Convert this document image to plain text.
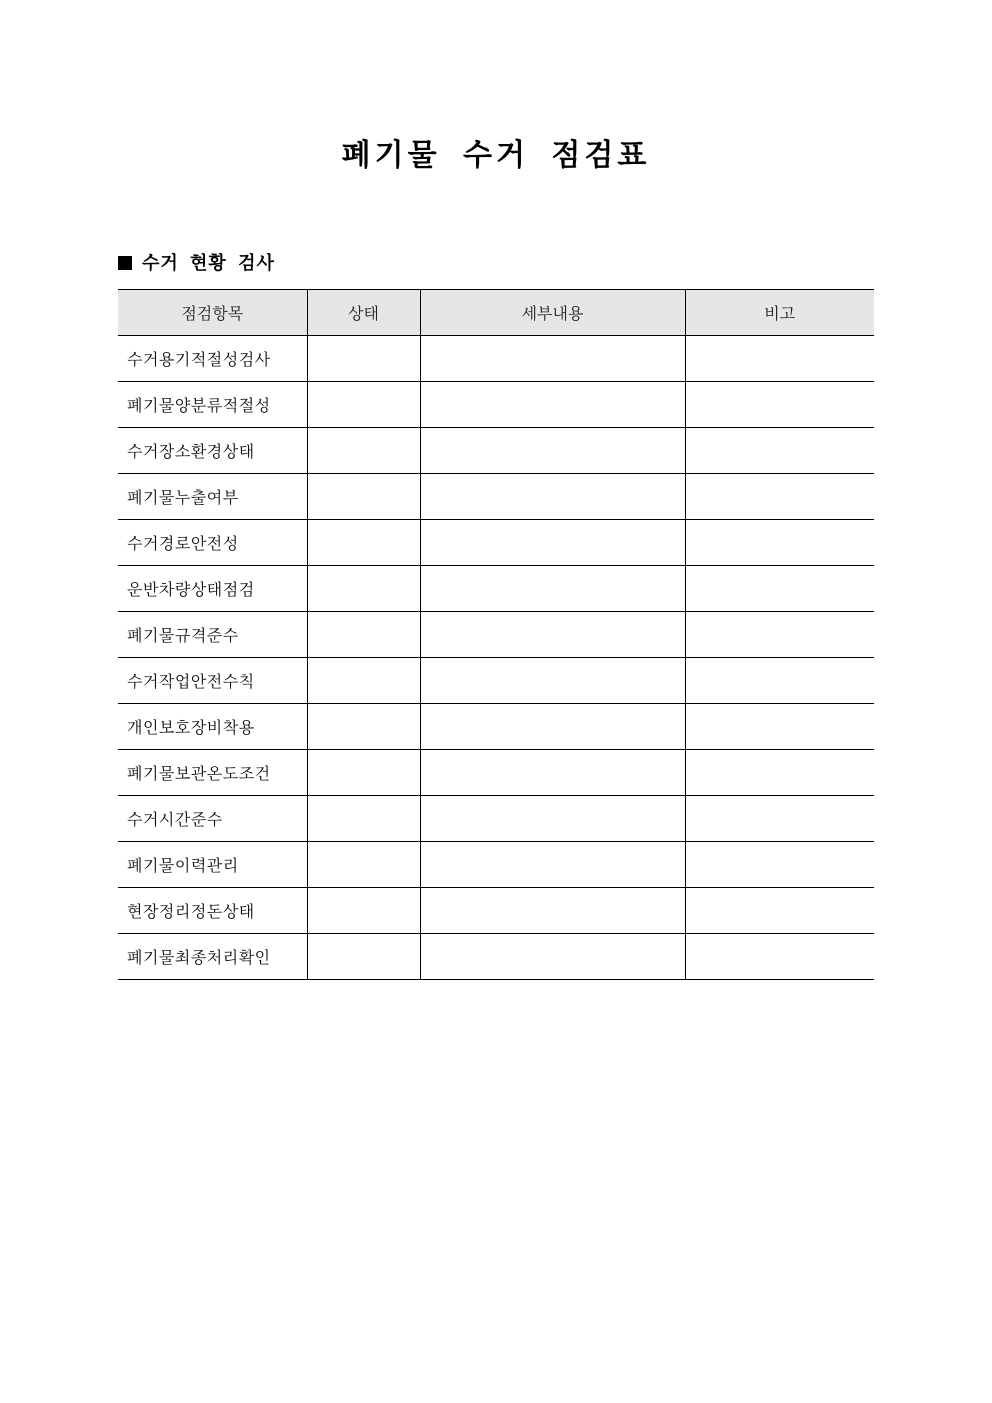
폐기물 수거 점검표
수거 현황 검사
점검항목	상태	세부내용	비고
수거용기적절성검사			
폐기물양분류적절성			
수거장소환경상태			
폐기물누출여부			
수거경로안전성			
운반차량상태점검			
폐기물규격준수			
수거작업안전수칙			
개인보호장비착용			
폐기물보관온도조건			
수거시간준수			
폐기물이력관리			
현장정리정돈상태			
폐기물최종처리확인			
